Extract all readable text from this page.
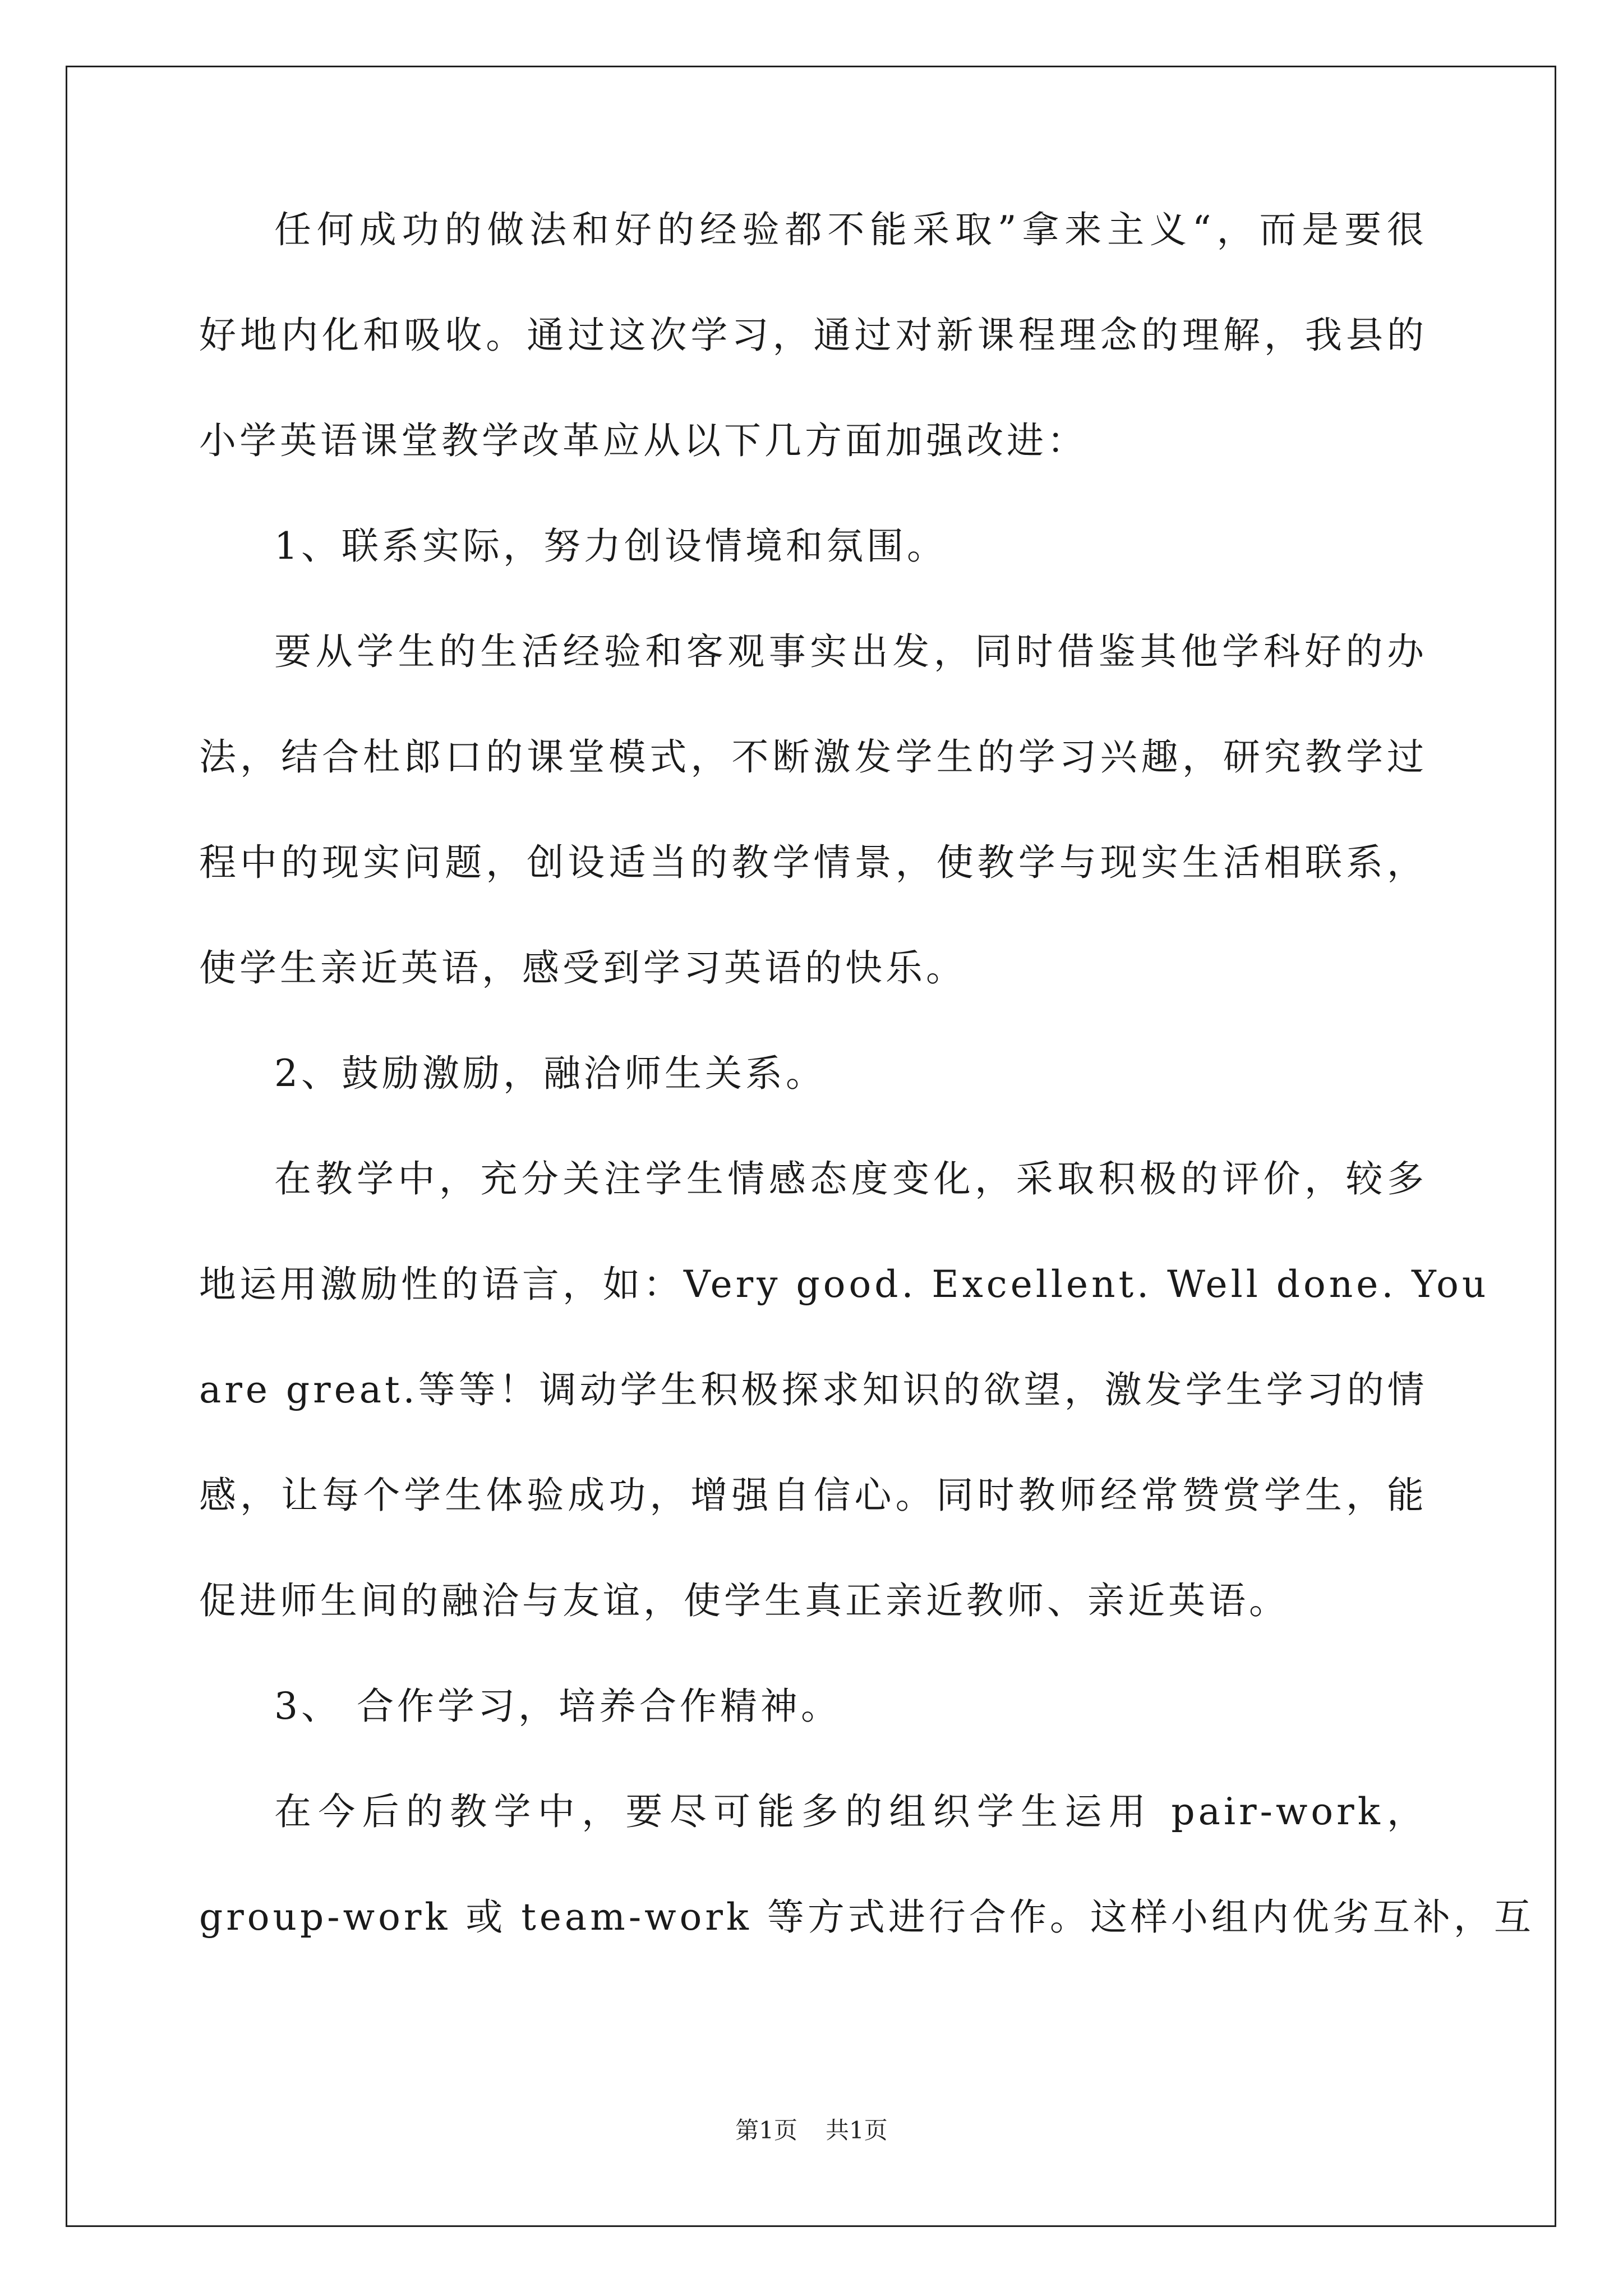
任何成功的做法和好的经验都不能采取”拿来主义“，而是要很
好地内化和吸收。通过这次学习，通过对新课程理念的理解，我县的
小学英语课堂教学改革应从以下几方面加强改进：
1、联系实际，努力创设情境和氛围。
要从学生的生活经验和客观事实出发，同时借鉴其他学科好的办
法，结合杜郎口的课堂模式，不断激发学生的学习兴趣，研究教学过
程中的现实问题，创设适当的教学情景，使教学与现实生活相联系，
使学生亲近英语，感受到学习英语的快乐。
2、鼓励激励，融洽师生关系。
在教学中，充分关注学生情感态度变化，采取积极的评价，较多
地运用激励性的语言，如：Very good. Excellent. Well done. You
are great.等等！调动学生积极探求知识的欲望，激发学生学习的情
感，让每个学生体验成功，增强自信心。同时教师经常赞赏学生，能
促进师生间的融洽与友谊，使学生真正亲近教师、亲近英语。
3、 合作学习，培养合作精神。
在今后的教学中，要尽可能多的组织学生运用 pair-work，
group-work 或 team-work 等方式进行合作。这样小组内优劣互补，互
第1页 共1页
